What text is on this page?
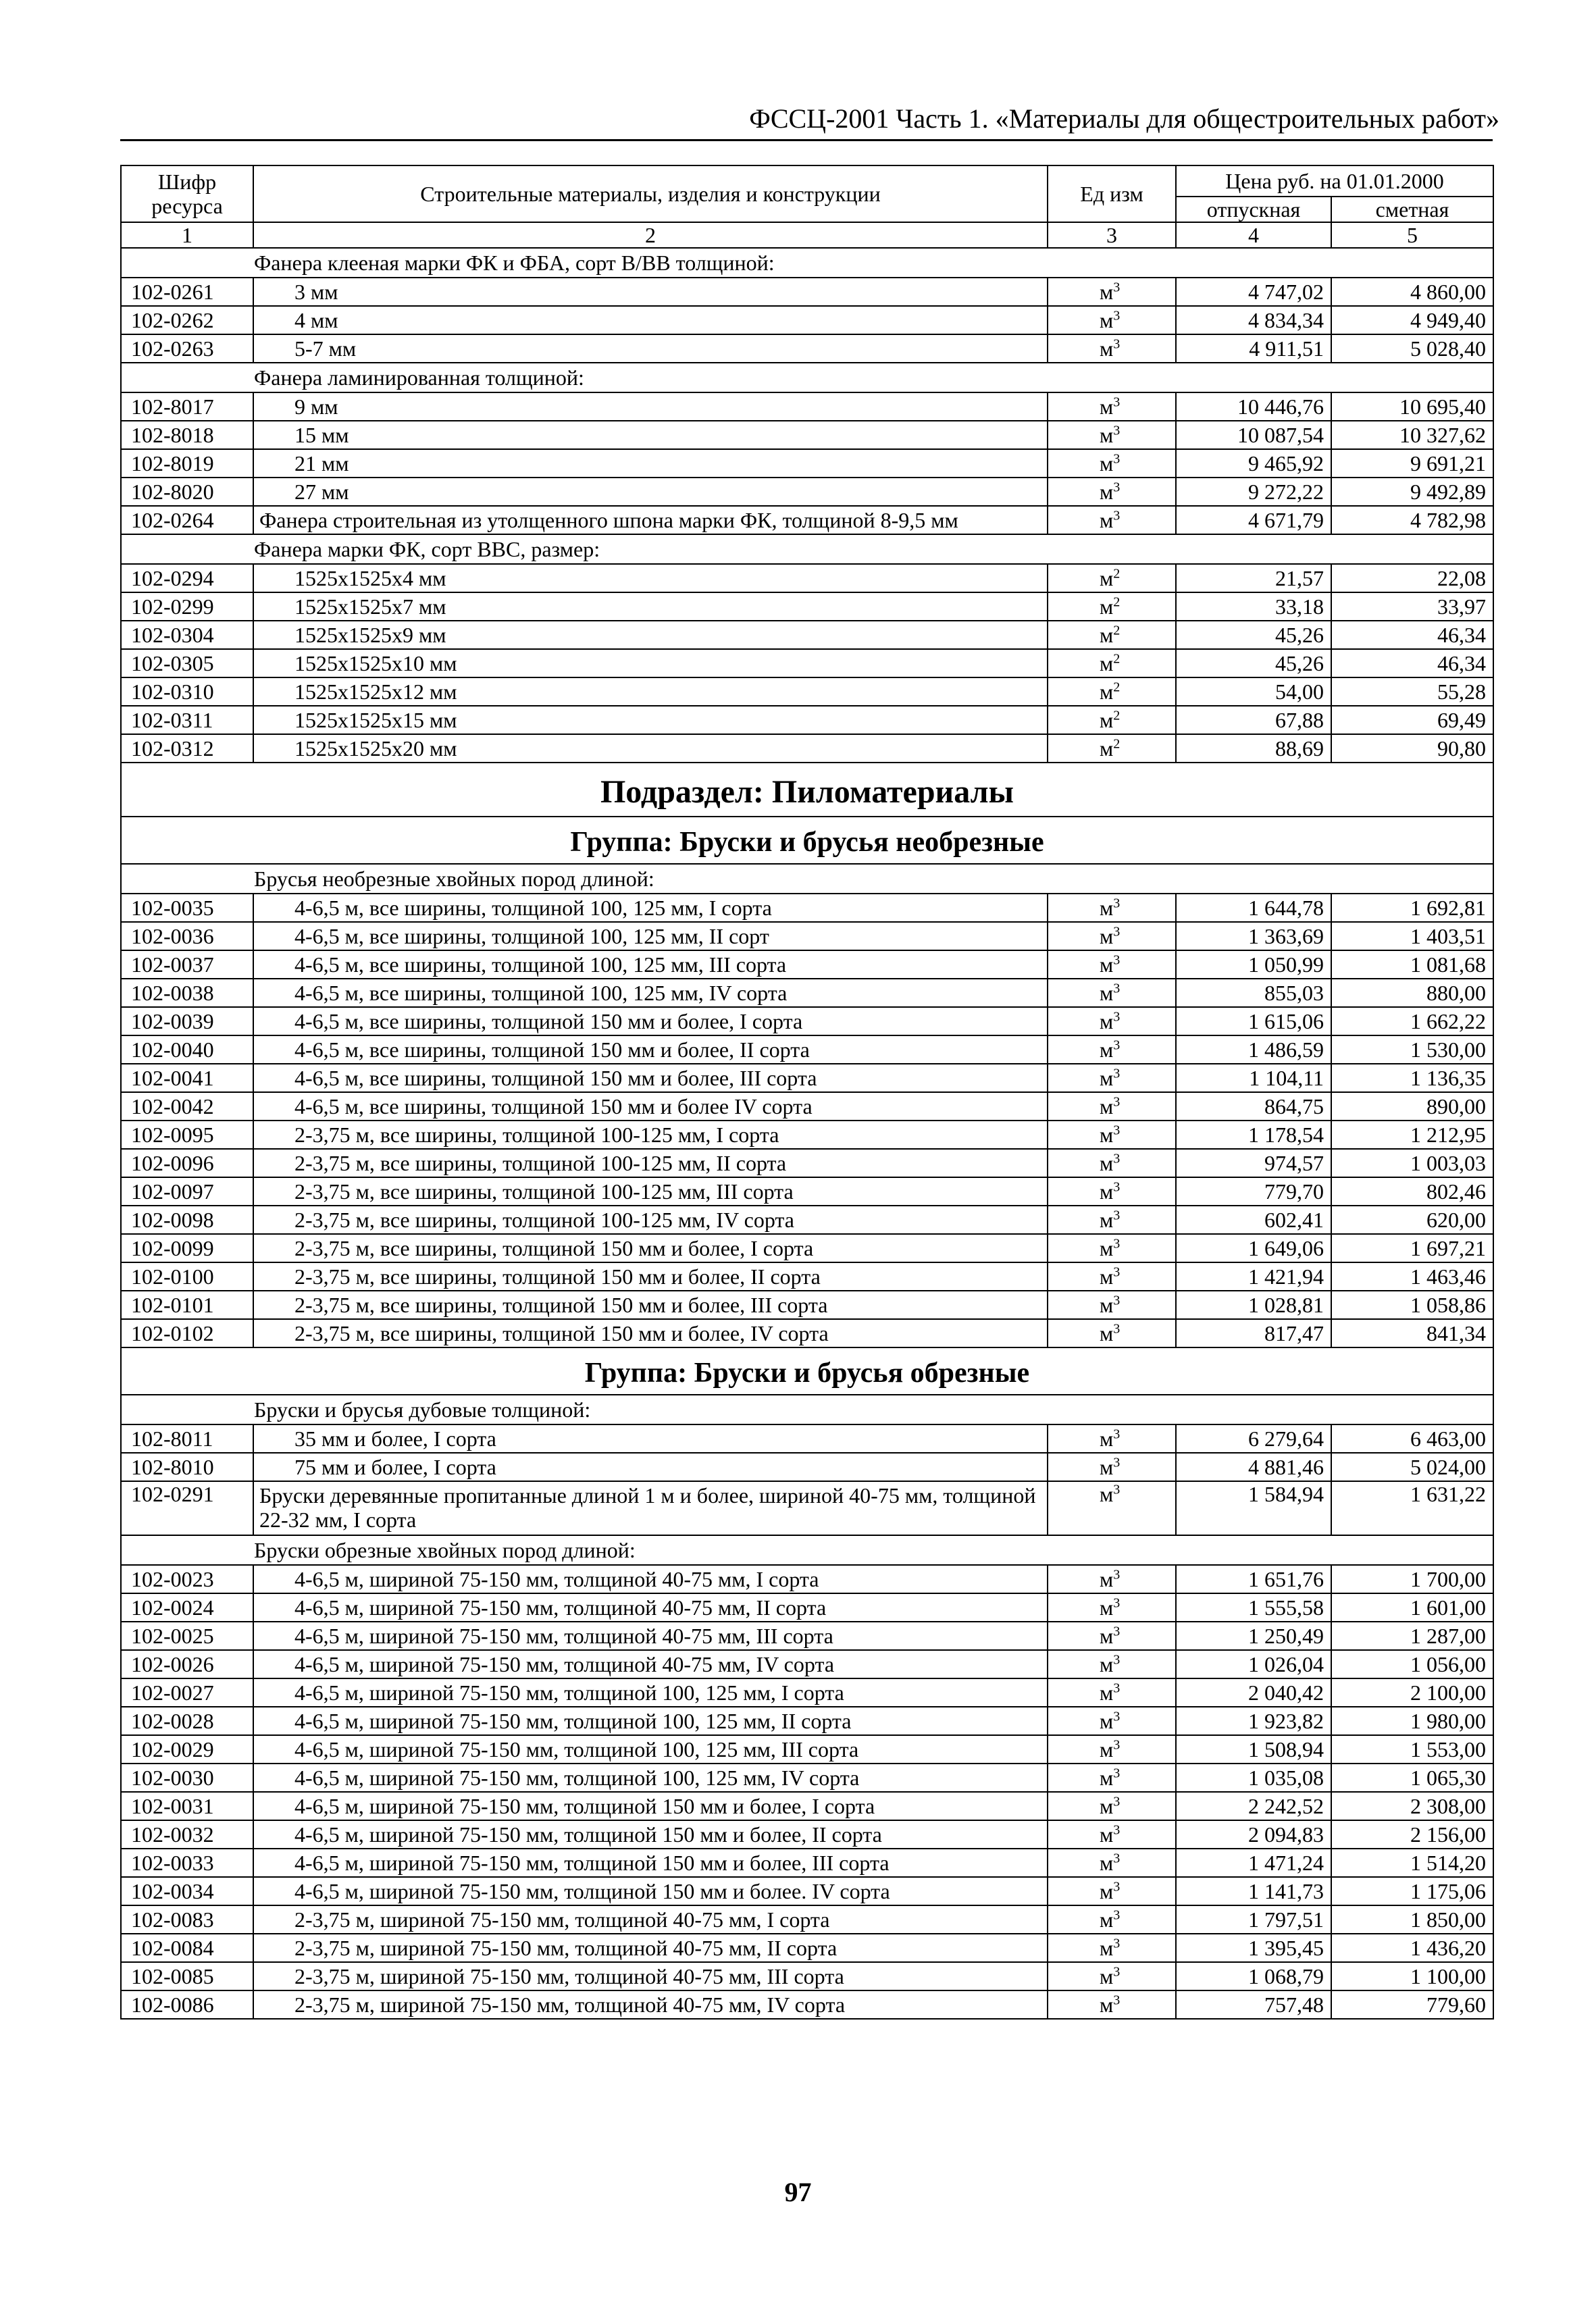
ФССЦ-2001 Часть 1. «Материалы для общестроительных работ»
Шифр ресурса	Строительные материалы, изделия и конструкции	Ед изм	Цена руб. на 01.01.2000	
			отпускная	сметная
1	2	3	4	5
Фанера клееная марки ФК и ФБА, сорт В/ВВ толщиной:				
102-0261	3 мм	$м^3$	4 747,02	4 860,00
102-0262	4 мм	$м^3$	4 834,34	4 949,40
102-0263	5-7 мм	$м^3$	4 911,51	5 028,40
Фанера ламинированная толщиной:				
102-8017	9 мм	$м^3$	10 446,76	10 695,40
102-8018	15 мм	$м^3$	10 087,54	10 327,62
102-8019	21 мм	$м^3$	9 465,92	9 691,21
102-8020	27 мм	$м^3$	9 272,22	9 492,89
102-0264	Фанера строительная из утолщенного шпона марки ФК, толщиной 8-9,5 мм	$м^3$	4 671,79	4 782,98
Фанера марки ФК, сорт ВВС, размер:				
102-0294	1525x1525x4 мм	$м^2$	21,57	22,08
102-0299	1525x1525x7 мм	$м^2$	33,18	33,97
102-0304	1525x1525x9 мм	$м^2$	45,26	46,34
102-0305	1525x1525x10 мм	$м^2$	45,26	46,34
102-0310	1525x1525x12 мм	$м^2$	54,00	55,28
102-0311	1525x1525x15 мм	$м^2$	67,88	69,49
102-0312	1525x1525x20 мм	$м^2$	88,69	90,80
Подраздел: Пиломатериалы				
Группа: Бруски и брусья необрезные				
Брусья необрезные хвойных пород длиной:				
102-0035	4-6,5 м, все ширины, толщиной 100, 125 мм, I сорта	$м^3$	1 644,78	1 692,81
102-0036	4-6,5 м, все ширины, толщиной 100, 125 мм, II сорт	$м^3$	1 363,69	1 403,51
102-0037	4-6,5 м, все ширины, толщиной 100, 125 мм, III сорта	$м^3$	1 050,99	1 081,68
102-0038	4-6,5 м, все ширины, толщиной 100, 125 мм, IV сорта	$м^3$	855,03	880,00
102-0039	4-6,5 м, все ширины, толщиной 150 мм и более, I сорта	$м^3$	1 615,06	1 662,22
102-0040	4-6,5 м, все ширины, толщиной 150 мм и более, II сорта	$м^3$	1 486,59	1 530,00
102-0041	4-6,5 м, все ширины, толщиной 150 мм и более, III сорта	$м^3$	1 104,11	1 136,35
102-0042	4-6,5 м, все ширины, толщиной 150 мм и более IV сорта	$м^3$	864,75	890,00
102-0095	2-3,75 м, все ширины, толщиной 100-125 мм, I сорта	$м^3$	1 178,54	1 212,95
102-0096	2-3,75 м, все ширины, толщиной 100-125 мм, II сорта	$м^3$	974,57	1 003,03
102-0097	2-3,75 м, все ширины, толщиной 100-125 мм, III сорта	$м^3$	779,70	802,46
102-0098	2-3,75 м, все ширины, толщиной 100-125 мм, IV сорта	$м^3$	602,41	620,00
102-0099	2-3,75 м, все ширины, толщиной 150 мм и более, I сорта	$м^3$	1 649,06	1 697,21
102-0100	2-3,75 м, все ширины, толщиной 150 мм и более, II сорта	$м^3$	1 421,94	1 463,46
102-0101	2-3,75 м, все ширины, толщиной 150 мм и более, III сорта	$м^3$	1 028,81	1 058,86
102-0102	2-3,75 м, все ширины, толщиной 150 мм и более, IV сорта	$м^3$	817,47	841,34
Группа: Бруски и брусья обрезные				
Бруски и брусья дубовые толщиной:				
102-8011	35 мм и более, I сорта	$м^3$	6 279,64	6 463,00
102-8010	75 мм и более, I сорта	$м^3$	4 881,46	5 024,00
102-0291	Бруски деревянные пропитанные длиной 1 м и более, шириной 40-75 мм, толщиной 22-32 мм, I сорта	$м^3$	1 584,94	1 631,22
Бруски обрезные хвойных пород длиной:				
102-0023	4-6,5 м, шириной 75-150 мм, толщиной 40-75 мм, I сорта	$м^3$	1 651,76	1 700,00
102-0024	4-6,5 м, шириной 75-150 мм, толщиной 40-75 мм, II сорта	$м^3$	1 555,58	1 601,00
102-0025	4-6,5 м, шириной 75-150 мм, толщиной 40-75 мм, III сорта	$м^3$	1 250,49	1 287,00
102-0026	4-6,5 м, шириной 75-150 мм, толщиной 40-75 мм, IV сорта	$м^3$	1 026,04	1 056,00
102-0027	4-6,5 м, шириной 75-150 мм, толщиной 100, 125 мм, I сорта	$м^3$	2 040,42	2 100,00
102-0028	4-6,5 м, шириной 75-150 мм, толщиной 100, 125 мм, II сорта	$м^3$	1 923,82	1 980,00
102-0029	4-6,5 м, шириной 75-150 мм, толщиной 100, 125 мм, III сорта	$м^3$	1 508,94	1 553,00
102-0030	4-6,5 м, шириной 75-150 мм, толщиной 100, 125 мм, IV сорта	$м^3$	1 035,08	1 065,30
102-0031	4-6,5 м, шириной 75-150 мм, толщиной 150 мм и более, I сорта	$м^3$	2 242,52	2 308,00
102-0032	4-6,5 м, шириной 75-150 мм, толщиной 150 мм и более, II сорта	$м^3$	2 094,83	2 156,00
102-0033	4-6,5 м, шириной 75-150 мм, толщиной 150 мм и более, III сорта	$м^3$	1 471,24	1 514,20
102-0034	4-6,5 м, шириной 75-150 мм, толщиной 150 мм и более. IV сорта	$м^3$	1 141,73	1 175,06
102-0083	2-3,75 м, шириной 75-150 мм, толщиной 40-75 мм, I сорта	$м^3$	1 797,51	1 850,00
102-0084	2-3,75 м, шириной 75-150 мм, толщиной 40-75 мм, II сорта	$м^3$	1 395,45	1 436,20
102-0085	2-3,75 м, шириной 75-150 мм, толщиной 40-75 мм, III сорта	$м^3$	1 068,79	1 100,00
102-0086	2-3,75 м, шириной 75-150 мм, толщиной 40-75 мм, IV сорта	$м^3$	757,48	779,60
97
